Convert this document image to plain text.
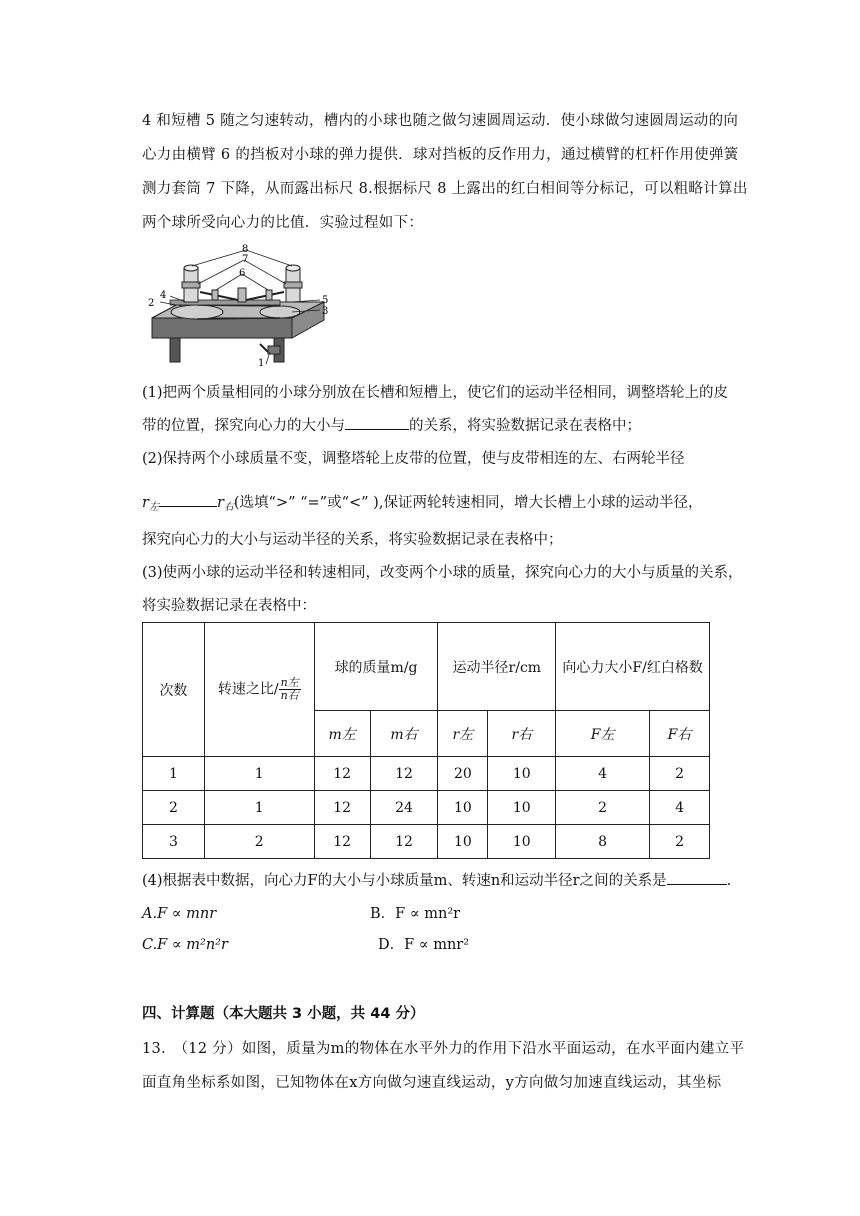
4 和短槽 5 随之匀速转动，槽内的小球也随之做匀速圆周运动．使小球做匀速圆周运动的向心力由横臂 6 的挡板对小球的弹力提供．球对挡板的反作用力，通过横臂的杠杆作用使弹簧测力套筒 7 下降，从而露出标尺 8.根据标尺 8 上露出的红白相间等分标记，可以粗略计算出两个球所受向心力的比值．实验过程如下：
8
7
6
2
4	5
3
1
(1)把两个质量相同的小球分别放在长槽和短槽上，使它们的运动半径相同，调整塔轮上的皮
带的位置，探究向心力的大小与	的关系，将实验数据记录在表格中；
(2)保持两个小球质量不变，调整塔轮上皮带的位置，使与皮带相连的左、右两轮半径
$r_左$	$r_右$(选填“>” “=”或“<” ),保证两轮转速相同，增大长槽上小球的运动半径，
探究向心力的大小与运动半径的关系，将实验数据记录在表格中；
(3)使两小球的运动半径和转速相同，改变两个小球的质量，探究向心力的大小与质量的关系，
将实验数据记录在表格中：
次数	转速之比/ $\frac{\text{n左}}{\text{n右}}$	球的质量m/g		运动半径r/cm		向心力大小F/红白格数	
		m左	m右	r左	r右	F左	F右
1	1	12	12	20	10	4	2
2	1	12	24	10	10	2	4
3	2	12	12	10	10	8	2
(4)根据表中数据，向心力F的大小与小球质量m、转速n和运动半径r之间的关系是	.
A.F ∝ mnr	B．F ∝ mn²r
C.F ∝ m²n²r	D．F ∝ mnr²
四、计算题（本大题共 3 小题，共 44 分）
13.　（12 分）如图，质量为m的物体在水平外力的作用下沿水平面运动，在水平面内建立平面直角坐标系如图，已知物体在x方向做匀速直线运动，y方向做匀加速直线运动，其坐标
